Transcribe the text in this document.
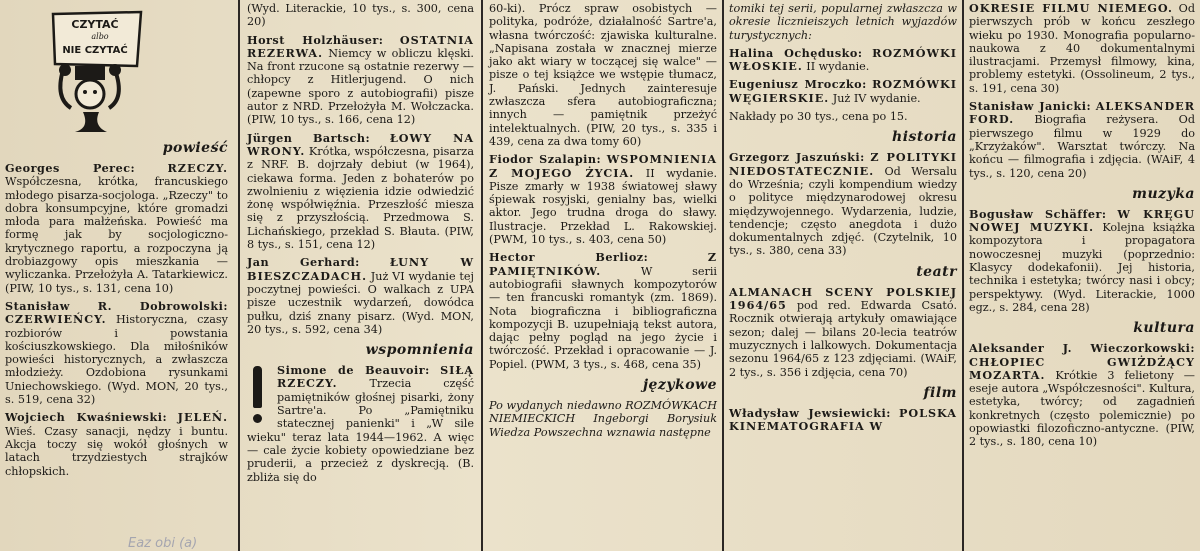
CZYTAĆ
albo
NIE CZYTAĆ
powieść

Georges Perec:	RZECZY. Współczesna, krótka, francuskiego młodego pisarza-socjologa. „Rzeczy" to dobra konsumpcyjne, które gromadzi młoda para małżeńska. Powieść ma formę jak by socjologiczno-krytycznego raportu, a rozpoczyna ją drobiazgowy opis mieszkania — wyliczanka. Przełożyła A. Tatarkiewicz. (PIW, 10 tys., s. 131, cena 10)

Stanisław R. Dobrowolski: CZERWIEŃCY. Historyczna, czasy rozbiorów i powstania kościuszkowskiego. Dla miłośników powieści historycznych, a zwłaszcza młodzieży. Ozdobiona rysunkami Uniechowskiego. (Wyd. MON, 20 tys., s. 519, cena 32)

Wojciech Kwaśniewski: JELEŃ. Wieś. Czasy sanacji, nędzy i buntu. Akcja toczy się wokół głośnych w latach trzydziestych strajków chłopskich.

(Wyd. Literackie, 10 tys., s. 300, cena 20)

Horst Holzhäuser: OSTATNIA REZERWA. Niemcy w obliczu klęski. Na front rzucone są ostatnie rezerwy — chłopcy z Hitlerjugend. O nich (zapewne sporo z autobiografii) pisze autor z NRD. Przełożyła M. Wołczacka. (PIW, 10 tys., s. 166, cena 12)

Jürgen Bartsch: ŁOWY NA WRONY. Krótka, współczesna, pisarza z NRF. B. dojrzały debiut (w 1964), ciekawa forma. Jeden z bohaterów po zwolnieniu z więzienia idzie odwiedzić żonę współwięźnia. Przeszłość miesza się z przyszłością. Przedmowa S. Lichańskiego, przekład S. Błauta. (PIW, 8 tys., s. 151, cena 12)

Jan Gerhard:	ŁUNY W BIESZCZADACH. Już VI wydanie tej poczytnej powieści. O walkach z UPA pisze uczestnik wydarzeń, dowódca pułku, dziś znany pisarz. (Wyd. MON, 20 tys., s. 592, cena 34)

wspomnienia

Simone de Beauvoir: SIŁĄ RZECZY.	Trzecia część pamiętników głośnej pisarki, żony Sartre'a. Po „Pamiętniku statecznej panienki" i „W sile wieku" teraz lata 1944—1962. A więc — cale życie kobiety opowiedziane bez pruderii, a przecież z dyskrecją. (B. zbliża się do

60-ki). Prócz spraw osobistych — polityka, podróże, działalność Sartre'a, własna twórczość: zjawiska kulturalne. „Napisana została w znacznej mierze jako akt wiary w toczącej się walce" — pisze o tej książce we wstępie tłumacz, J. Pański. Jednych zainteresuje zwłaszcza sfera autobiograficzna; innych — pamiętnik przeżyć intelektualnych. (PIW, 20 tys., s. 335 i 439, cena za dwa tomy 60)

Fiodor Szalapin: WSPOMNIENIA Z MOJEGO ŻYCIA. II wydanie. Pisze zmarły w 1938 światowej sławy śpiewak rosyjski, genialny bas, wielki aktor. Jego trudna droga do sławy. Ilustracje. Przekład L. Rakowskiej. (PWM, 10 tys., s. 403, cena 50)

Hector Berlioz:	Z PAMIĘTNIKÓW.	W serii autobiografii sławnych kompozytorów — ten francuski romantyk (zm. 1869). Nota biograficzna i bibliograficzna kompozycji B. uzupełniają tekst autora, dając pełny pogląd na jego życie i twórczość. Przekład i opracowanie — J. Popiel. (PWM, 3 tys., s. 468, cena 35)

językowe

Po wydanych niedawno ROZMÓWKACH NIEMIECKICH Ingeborgi Borysiuk Wiedza Powszechna wznawia następne

tomiki tej serii, popularnej zwłaszcza w okresie licznieiszych letnich wyjazdów turystycznych:

Halina Ochędusko: ROZMÓWKI WŁOSKIE. II wydanie.

Eugeniusz Mroczko: ROZMÓWKI WĘGIERSKIE. Już IV wydanie.

Nakłady po 30 tys., cena po 15.

historia

Grzegorz Jaszuński: Z POLITYKI NIEDOSTATECZNIE. Od Wersalu do Września; czyli kompendium wiedzy o polityce międzynarodowej okresu międzywojennego. Wydarzenia, ludzie, tendencje; często anegdota i dużo dokumentalnych zdjęć. (Czytelnik, 10 tys., s. 380, cena 33)

teatr

ALMANACH SCENY POLSKIEJ 1964/65 pod red. Edwarda Csató. Rocznik otwierają artykuły omawiające sezon; dalej — bilans 20-lecia teatrów muzycznych i lalkowych. Dokumentacja sezonu 1964/65 z 123 zdjęciami. (WAiF, 2 tys., s. 356 i zdjęcia, cena 70)

film

Władysław Jewsiewicki: POLSKA KINEMATOGRAFIA W

OKRESIE FILMU NIEMEGO. Od pierwszych prób w końcu zeszłego wieku po 1930. Monografia popularno-naukowa z 40 dokumentalnymi ilustracjami. Przemysł filmowy, kina, problemy estetyki. (Ossolineum, 2 tys., s. 191, cena 30)

Stanisław Janicki: ALEKSANDER FORD. Biografia reżysera. Od pierwszego filmu w 1929 do „Krzyżaków". Warsztat twórczy. Na końcu — filmografia i zdjęcia. (WAiF, 4 tys., s. 120, cena 20)

muzyka

Bogusław Schäffer: W KRĘGU NOWEJ MUZYKI. Kolejna książka kompozytora i propagatora nowoczesnej muzyki (poprzednio: Klasycy dodekafonii). Jej historia, technika i estetyka; twórcy nasi i obcy; perspektywy. (Wyd. Literackie, 1000 egz., s. 284, cena 28)

kultura

Aleksander J. Wieczorkowski: CHŁOPIEC GWIŻDŻĄCY MOZARTA. Krótkie 3 felietony — eseje autora „Współczesności". Kultura, estetyka, twórcy; od zagadnień konkretnych (często polemicznie) po opowiastki filozoficzno-antyczne. (PIW, 2 tys., s. 180, cena 10)

Eaz obi (a)
